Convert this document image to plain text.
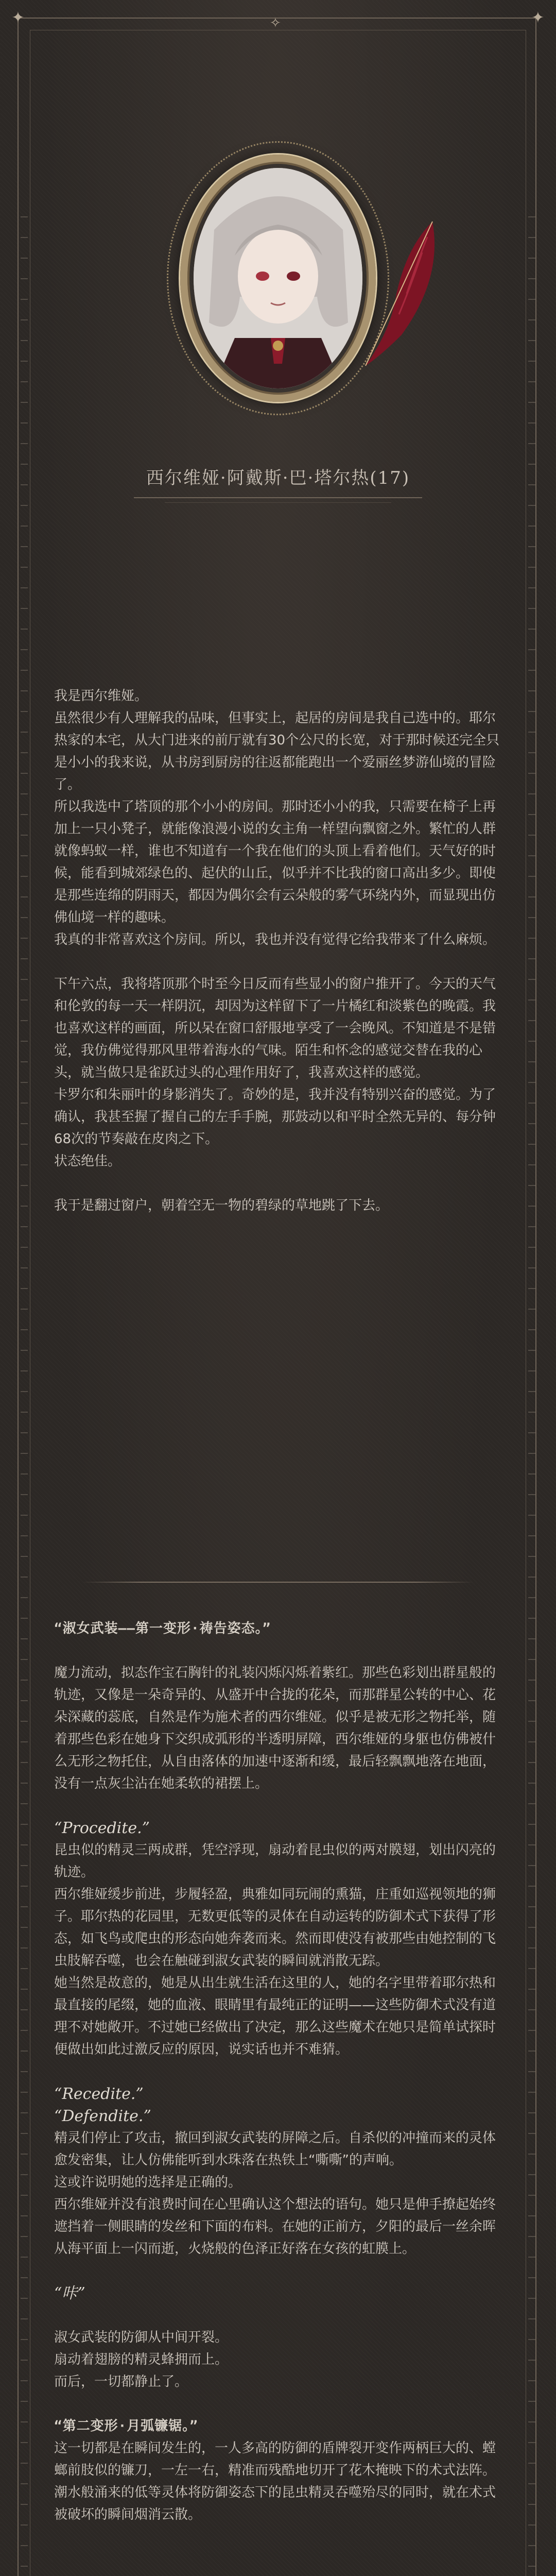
✦	✦
✧
西尔维娅·阿戴斯·巴·塔尔热(17)

我是西尔维娅。

虽然很少有人理解我的品味，但事实上，起居的房间是我自己选中的。耶尔热家的本宅，从大门进来的前厅就有30个公尺的长宽，对于那时候还完全只是小小的我来说，从书房到厨房的往返都能跑出一个爱丽丝梦游仙境的冒险了。

所以我选中了塔顶的那个小小的房间。那时还小小的我，只需要在椅子上再加上一只小凳子，就能像浪漫小说的女主角一样望向飘窗之外。繁忙的人群就像蚂蚁一样，谁也不知道有一个我在他们的头顶上看着他们。天气好的时候，能看到城郊绿色的、起伏的山丘，似乎并不比我的窗口高出多少。即使是那些连绵的阴雨天，都因为偶尔会有云朵般的雾气环绕内外，而显现出仿佛仙境一样的趣味。

我真的非常喜欢这个房间。所以，我也并没有觉得它给我带来了什么麻烦。

下午六点，我将塔顶那个时至今日反而有些显小的窗户推开了。今天的天气和伦敦的每一天一样阴沉，却因为这样留下了一片橘红和淡紫色的晚霞。我也喜欢这样的画面，所以呆在窗口舒服地享受了一会晚风。不知道是不是错觉，我仿佛觉得那风里带着海水的气味。陌生和怀念的感觉交替在我的心头，就当做只是雀跃过头的心理作用好了，我喜欢这样的感觉。

卡罗尔和朱丽叶的身影消失了。奇妙的是，我并没有特别兴奋的感觉。为了确认，我甚至握了握自己的左手手腕，那鼓动以和平时全然无异的、每分钟68次的节奏敲在皮肉之下。

状态绝佳。

我于是翻过窗户，朝着空无一物的碧绿的草地跳了下去。

“淑女武装——第一变形·祷告姿态。”

魔力流动，拟态作宝石胸针的礼装闪烁闪烁着紫红。那些色彩划出群星般的轨迹，又像是一朵奇异的、从盛开中合拢的花朵，而那群星公转的中心、花朵深藏的蕊底，自然是作为施术者的西尔维娅。似乎是被无形之物托举，随着那些色彩在她身下交织成弧形的半透明屏障，西尔维娅的身躯也仿佛被什么无形之物托住，从自由落体的加速中逐渐和缓，最后轻飘飘地落在地面，没有一点灰尘沾在她柔软的裙摆上。

“Procedite.”

昆虫似的精灵三两成群，凭空浮现，扇动着昆虫似的两对膜翅，划出闪亮的轨迹。

西尔维娅缓步前进，步履轻盈，典雅如同玩闹的熏猫，庄重如巡视领地的狮子。耶尔热的花园里，无数更低等的灵体在自动运转的防御术式下获得了形态，如飞鸟或爬虫的形态向她奔袭而来。然而即使没有被那些由她控制的飞虫肢解吞噬，也会在触碰到淑女武装的瞬间就消散无踪。

她当然是故意的，她是从出生就生活在这里的人，她的名字里带着耶尔热和最直接的尾缀，她的血液、眼睛里有最纯正的证明——这些防御术式没有道理不对她敞开。不过她已经做出了决定，那么这些魔术在她只是简单试探时便做出如此过激反应的原因，说实话也并不难猜。

“Recedite.”

“Defendite.”

精灵们停止了攻击，撤回到淑女武装的屏障之后。自杀似的冲撞而来的灵体愈发密集，让人仿佛能听到水珠落在热铁上“嘶嘶”的声响。

这或许说明她的选择是正确的。

西尔维娅并没有浪费时间在心里确认这个想法的语句。她只是伸手撩起始终遮挡着一侧眼睛的发丝和下面的布料。在她的正前方，夕阳的最后一丝余晖从海平面上一闪而逝，火烧般的色泽正好落在女孩的虹膜上。

“咔”

淑女武装的防御从中间开裂。

扇动着翅膀的精灵蜂拥而上。

而后，一切都静止了。

“第二变形·月弧镰锯。”

这一切都是在瞬间发生的，一人多高的防御的盾牌裂开变作两柄巨大的、螳螂前肢似的镰刀，一左一右，精准而残酷地切开了花木掩映下的术式法阵。潮水般涌来的低等灵体将防御姿态下的昆虫精灵吞噬殆尽的同时，就在术式被破坏的瞬间烟消云散。
